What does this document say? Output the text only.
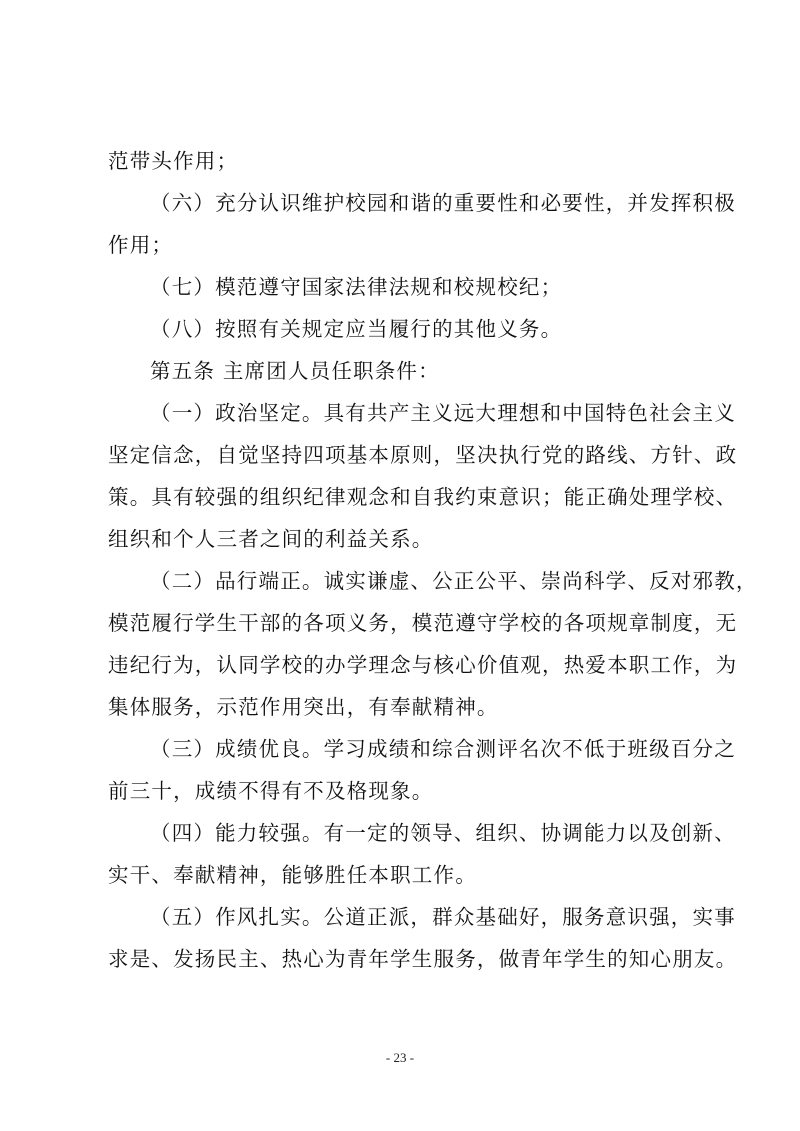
范带头作用；
（六）充分认识维护校园和谐的重要性和必要性，并发挥积极
作用；
（七）模范遵守国家法律法规和校规校纪；
（八）按照有关规定应当履行的其他义务。
第五条 主席团人员任职条件：
（一）政治坚定。具有共产主义远大理想和中国特色社会主义
坚定信念，自觉坚持四项基本原则，坚决执行党的路线、方针、政
策。具有较强的组织纪律观念和自我约束意识；能正确处理学校、
组织和个人三者之间的利益关系。
（二）品行端正。诚实谦虚、公正公平、崇尚科学、反对邪教，
模范履行学生干部的各项义务，模范遵守学校的各项规章制度，无
违纪行为，认同学校的办学理念与核心价值观，热爱本职工作，为
集体服务，示范作用突出，有奉献精神。
（三）成绩优良。学习成绩和综合测评名次不低于班级百分之
前三十，成绩不得有不及格现象。
（四）能力较强。有一定的领导、组织、协调能力以及创新、
实干、奉献精神，能够胜任本职工作。
（五）作风扎实。公道正派，群众基础好，服务意识强，实事
求是、发扬民主、热心为青年学生服务，做青年学生的知心朋友。
- 23 -
